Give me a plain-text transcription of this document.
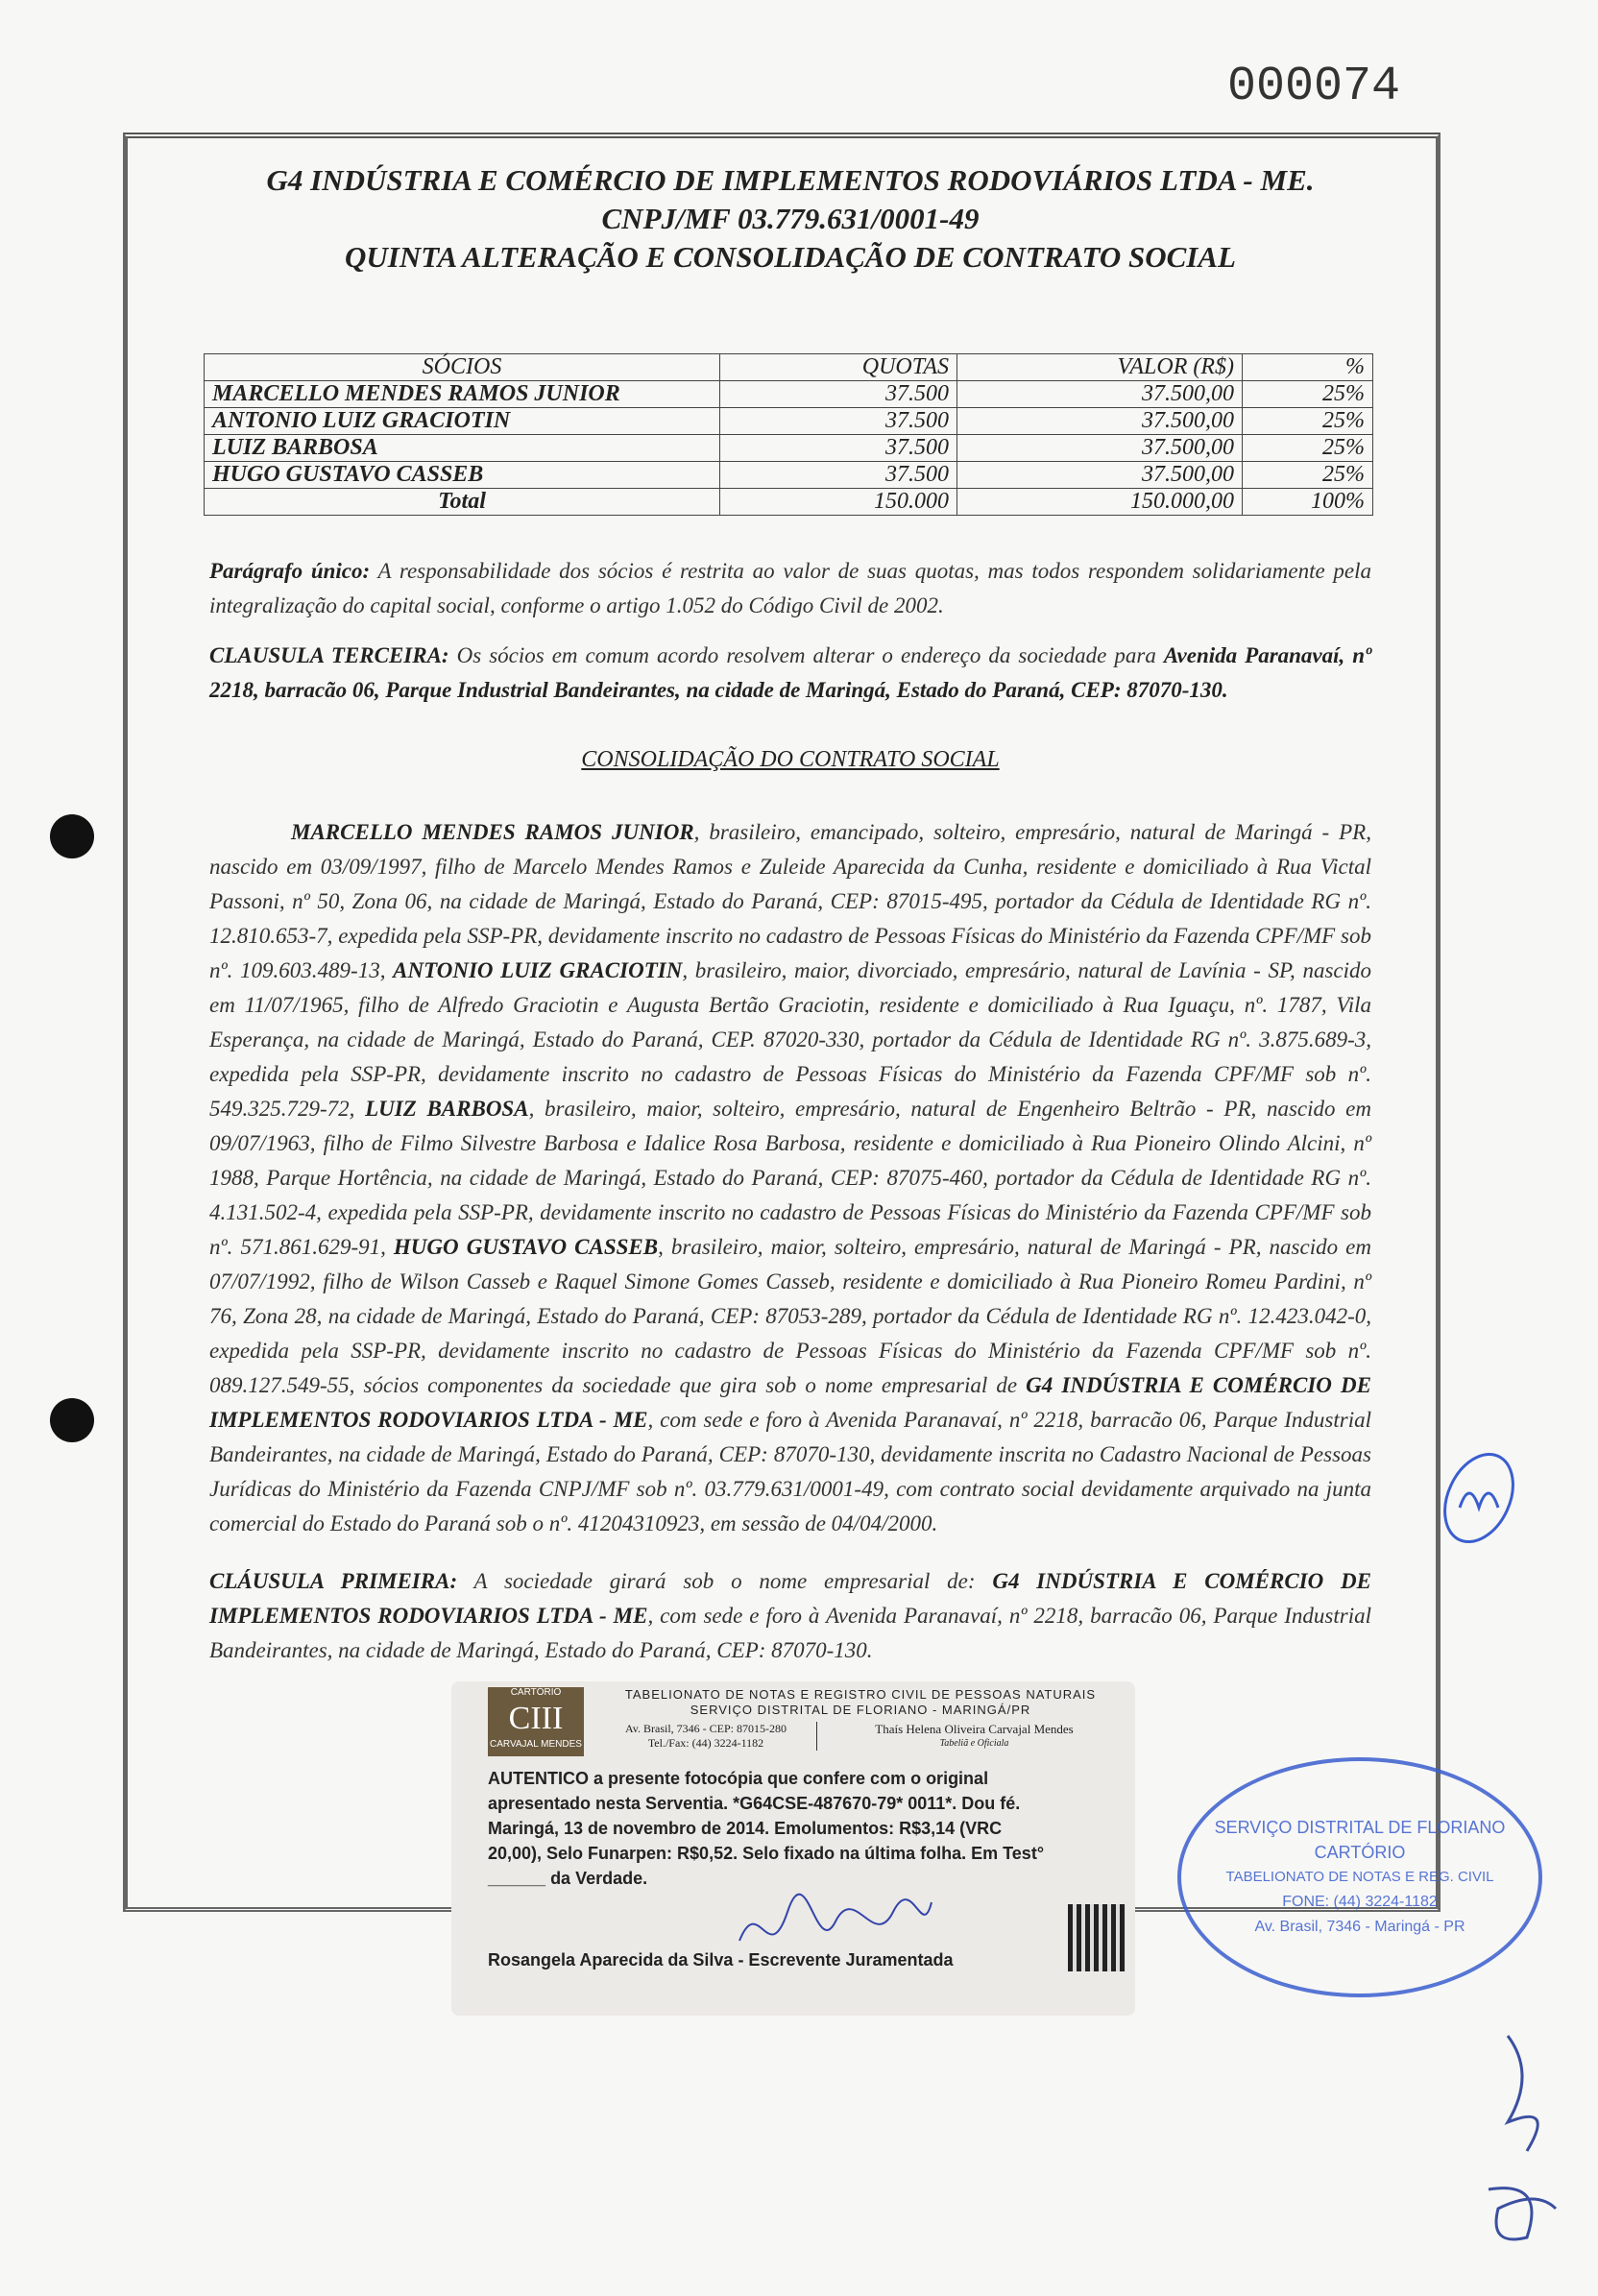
000074
G4 INDÚSTRIA E COMÉRCIO DE IMPLEMENTOS RODOVIÁRIOS LTDA - ME.
CNPJ/MF 03.779.631/0001-49
QUINTA ALTERAÇÃO E CONSOLIDAÇÃO DE CONTRATO SOCIAL
SÓCIOS	QUOTAS	VALOR (R$)	%
MARCELLO MENDES RAMOS JUNIOR	37.500	37.500,00	25%
ANTONIO LUIZ GRACIOTIN	37.500	37.500,00	25%
LUIZ BARBOSA	37.500	37.500,00	25%
HUGO GUSTAVO CASSEB	37.500	37.500,00	25%
Total	150.000	150.000,00	100%
Parágrafo único: A responsabilidade dos sócios é restrita ao valor de suas quotas, mas todos respondem solidariamente pela integralização do capital social, conforme o artigo 1.052 do Código Civil de 2002.
CLAUSULA TERCEIRA: Os sócios em comum acordo resolvem alterar o endereço da sociedade para Avenida Paranavaí, nº 2218, barracão 06, Parque Industrial Bandeirantes, na cidade de Maringá, Estado do Paraná, CEP: 87070-130.
CONSOLIDAÇÃO DO CONTRATO SOCIAL
MARCELLO MENDES RAMOS JUNIOR, brasileiro, emancipado, solteiro, empresário, natural de Maringá - PR, nascido em 03/09/1997, filho de Marcelo Mendes Ramos e Zuleide Aparecida da Cunha, residente e domiciliado à Rua Victal Passoni, nº 50, Zona 06, na cidade de Maringá, Estado do Paraná, CEP: 87015-495, portador da Cédula de Identidade RG nº. 12.810.653-7, expedida pela SSP-PR, devidamente inscrito no cadastro de Pessoas Físicas do Ministério da Fazenda CPF/MF sob nº. 109.603.489-13, ANTONIO LUIZ GRACIOTIN, brasileiro, maior, divorciado, empresário, natural de Lavínia - SP, nascido em 11/07/1965, filho de Alfredo Graciotin e Augusta Bertão Graciotin, residente e domiciliado à Rua Iguaçu, nº. 1787, Vila Esperança, na cidade de Maringá, Estado do Paraná, CEP. 87020-330, portador da Cédula de Identidade RG nº. 3.875.689-3, expedida pela SSP-PR, devidamente inscrito no cadastro de Pessoas Físicas do Ministério da Fazenda CPF/MF sob nº. 549.325.729-72, LUIZ BARBOSA, brasileiro, maior, solteiro, empresário, natural de Engenheiro Beltrão - PR, nascido em 09/07/1963, filho de Filmo Silvestre Barbosa e Idalice Rosa Barbosa, residente e domiciliado à Rua Pioneiro Olindo Alcini, nº 1988, Parque Hortência, na cidade de Maringá, Estado do Paraná, CEP: 87075-460, portador da Cédula de Identidade RG nº. 4.131.502-4, expedida pela SSP-PR, devidamente inscrito no cadastro de Pessoas Físicas do Ministério da Fazenda CPF/MF sob nº. 571.861.629-91, HUGO GUSTAVO CASSEB, brasileiro, maior, solteiro, empresário, natural de Maringá - PR, nascido em 07/07/1992, filho de Wilson Casseb e Raquel Simone Gomes Casseb, residente e domiciliado à Rua Pioneiro Romeu Pardini, nº 76, Zona 28, na cidade de Maringá, Estado do Paraná, CEP: 87053-289, portador da Cédula de Identidade RG nº. 12.423.042-0, expedida pela SSP-PR, devidamente inscrito no cadastro de Pessoas Físicas do Ministério da Fazenda CPF/MF sob nº. 089.127.549-55, sócios componentes da sociedade que gira sob o nome empresarial de G4 INDÚSTRIA E COMÉRCIO DE IMPLEMENTOS RODOVIARIOS LTDA - ME, com sede e foro à Avenida Paranavaí, nº 2218, barracão 06, Parque Industrial Bandeirantes, na cidade de Maringá, Estado do Paraná, CEP: 87070-130, devidamente inscrita no Cadastro Nacional de Pessoas Jurídicas do Ministério da Fazenda CNPJ/MF sob nº. 03.779.631/0001-49, com contrato social devidamente arquivado na junta comercial do Estado do Paraná sob o nº. 41204310923, em sessão de 04/04/2000.
CLÁUSULA PRIMEIRA: A sociedade girará sob o nome empresarial de: G4 INDÚSTRIA E COMÉRCIO DE IMPLEMENTOS RODOVIARIOS LTDA - ME, com sede e foro à Avenida Paranavaí, nº 2218, barracão 06, Parque Industrial Bandeirantes, na cidade de Maringá, Estado do Paraná, CEP: 87070-130.
CARTÓRIO
CIII
CARVAJAL MENDES
TABELIONATO DE NOTAS E REGISTRO CIVIL DE PESSOAS NATURAIS
SERVIÇO DISTRITAL DE FLORIANO - MARINGÁ/PR
Av. Brasil, 7346 - CEP: 87015-280
Tel./Fax: (44) 3224-1182
Thaís Helena Oliveira Carvajal Mendes
Tabeliã e Oficiala
AUTENTICO a presente fotocópia que confere com o original apresentado nesta Serventia. *G64CSE-487670-79* 0011*. Dou fé. Maringá, 13 de novembro de 2014. Emolumentos: R$3,14 (VRC 20,00), Selo Funarpen: R$0,52. Selo fixado na última folha. Em Test° ______ da Verdade.
Rosangela Aparecida da Silva - Escrevente Juramentada
SERVIÇO DISTRITAL DE FLORIANO
CARTÓRIO
TABELIONATO DE NOTAS E REG. CIVIL
FONE: (44) 3224-1182
Av. Brasil, 7346 - Maringá - PR
